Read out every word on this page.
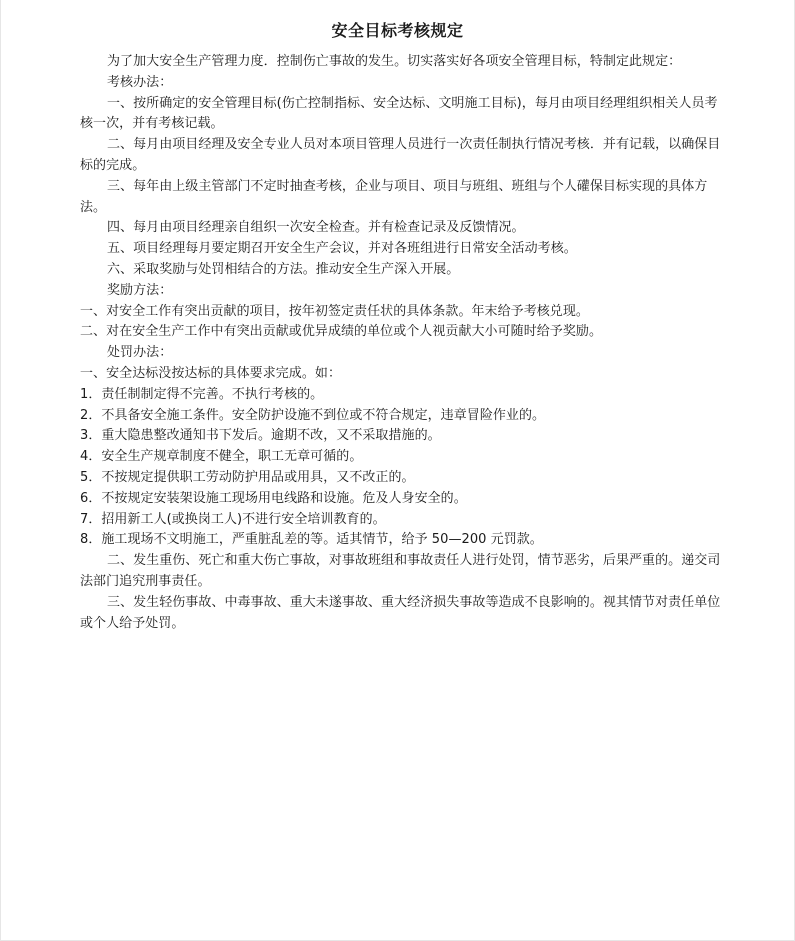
安全目标考核规定

为了加大安全生产管理力度．控制伤亡事故的发生。切实落实好各项安全管理目标，特制定此规定：

考核办法：

一、按所确定的安全管理目标(伤亡控制指标、安全达标、文明施工目标)，每月由项目经理组织相关人员考核一次，并有考核记载。

二、每月由项目经理及安全专业人员对本项目管理人员进行一次责任制执行情况考核．并有记载，以确保目标的完成。

三、每年由上级主管部门不定时抽查考核，企业与项目、项目与班组、班组与个人礶保目标实现的具体方法。

四、每月由项目经理亲自组织一次安全检查。并有检查记录及反馈情况。

五、项目经理每月要定期召开安全生产会议，并对各班组进行日常安全活动考核。

六、采取奖励与处罚相结合的方法。推动安全生产深入开展。

奖励方法：

一、对安全工作有突出贡献的项目，按年初签定责任状的具体条款。年末给予考核兑现。

二、对在安全生产工作中有突出贡献或优异成绩的单位或个人视贡献大小可随时给予奖励。

处罚办法：

一、安全达标没按达标的具体要求完成。如：

1．责任制制定得不完善。不执行考核的。

2．不具备安全施工条件。安全防护设施不到位或不符合规定，违章冒险作业的。

3．重大隐患整改通知书下发后。逾期不改，又不采取措施的。

4．安全生产规章制度不健全，职工无章可循的。

5．不按规定提供职工劳动防护用品或用具，又不改正的。

6．不按规定安装架设施工现场用电线路和设施。危及人身安全的。

7．招用新工人(或换岗工人)不进行安全培训教育的。

8．施工现场不文明施工，严重脏乱差的等。适其情节，给予 50—200 元罚款。

二、发生重伤、死亡和重大伤亡事故，对事故班组和事故责任人进行处罚，情节恶劣，后果严重的。递交司法部门追究刑事责任。

三、发生轻伤事故、中毒事故、重大未遂事故、重大经济损失事故等造成不良影响的。视其情节对责任单位或个人给予处罚。
